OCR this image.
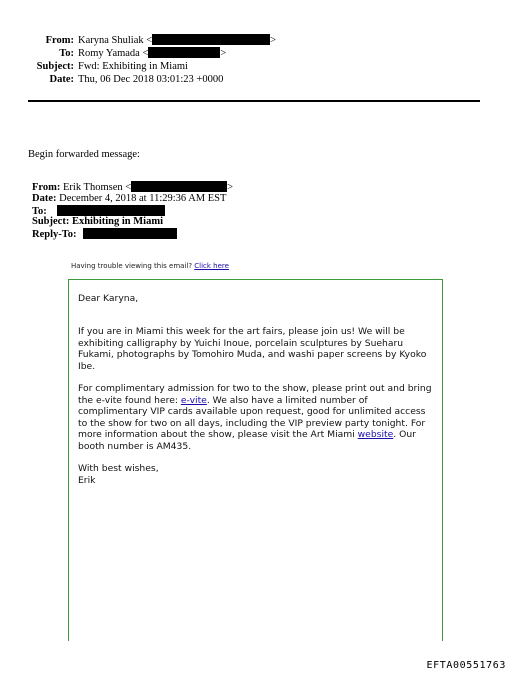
From: Karyna Shuliak <	>
To: Romy Yamada <	>
Subject: Fwd: Exhibiting in Miami
Date: Thu, 06 Dec 2018 03:01:23 +0000
Begin forwarded message:
From: Erik Thomsen <	>
Date: December 4, 2018 at 11:29:36 AM EST
To:
Subject: Exhibiting in Miami
Reply-To:
Having trouble viewing this email? Click here
Dear Karyna,
If you are in Miami this week for the art fairs, please join us! We will be exhibiting calligraphy by Yuichi Inoue, porcelain sculptures by Sueharu Fukami, photographs by Tomohiro Muda, and washi paper screens by Kyoko Ibe.
For complimentary admission for two to the show, please print out and bring the e-vite found here: e-vite. We also have a limited number of complimentary VIP cards available upon request, good for unlimited access to the show for two on all days, including the VIP preview party tonight. For more information about the show, please visit the Art Miami website. Our booth number is AM435.
With best wishes,
Erik
EFTA00551763
